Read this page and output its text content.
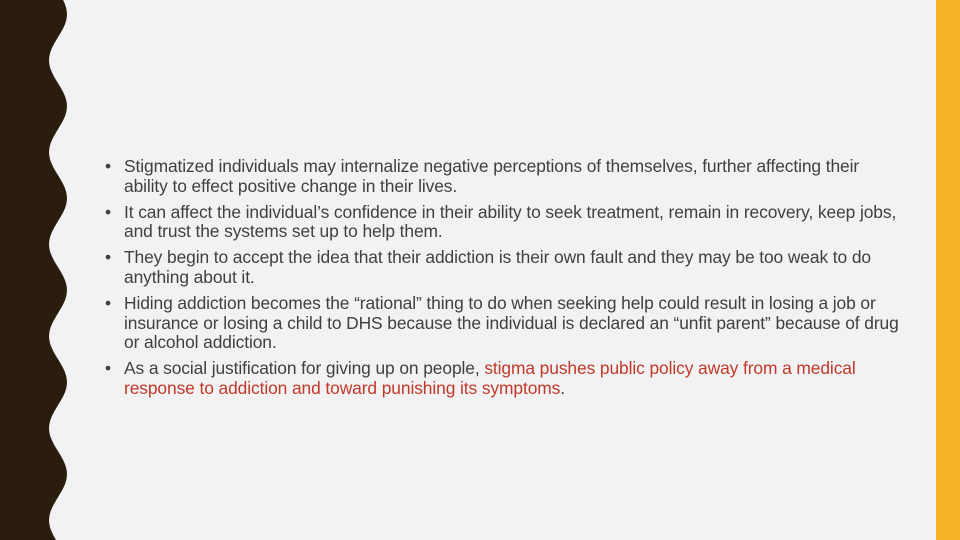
• Stigmatized individuals may internalize negative perceptions of themselves, further affecting their ability to effect positive change in their lives.
• It can affect the individual’s confidence in their ability to seek treatment, remain in recovery, keep jobs, and trust the systems set up to help them.
• They begin to accept the idea that their addiction is their own fault and they may be too weak to do anything about it.
• Hiding addiction becomes the “rational” thing to do when seeking help could result in losing a job or insurance or losing a child to DHS because the individual is declared an “unfit parent” because of drug or alcohol addiction.
• As a social justification for giving up on people, stigma pushes public policy away from a medical response to addiction and toward punishing its symptoms.
